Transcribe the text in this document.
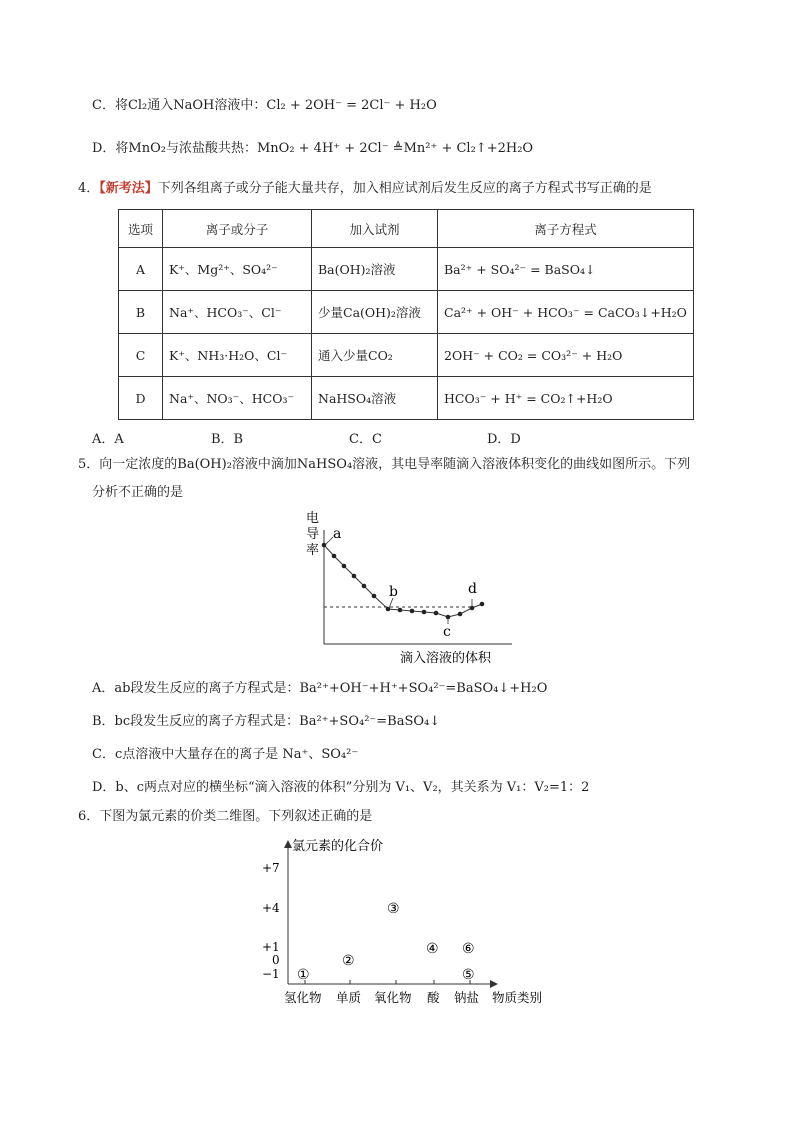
C．将Cl₂通入NaOH溶液中：Cl₂ + 2OH⁻ = 2Cl⁻ + H₂O
D．将MnO₂与浓盐酸共热：MnO₂ + 4H⁺ + 2Cl⁻ ≜Mn²⁺ + Cl₂↑+2H₂O
4．【新考法】下列各组离子或分子能大量共存，加入相应试剂后发生反应的离子方程式书写正确的是
选项	离子或分子	加入试剂	离子方程式
A	K⁺、Mg²⁺、SO₄²⁻	Ba(OH)₂溶液	Ba²⁺ + SO₄²⁻ = BaSO₄↓
B	Na⁺、HCO₃⁻、Cl⁻	少量Ca(OH)₂溶液	Ca²⁺ + OH⁻ + HCO₃⁻ = CaCO₃↓+H₂O
C	K⁺、NH₃·H₂O、Cl⁻	通入少量CO₂	2OH⁻ + CO₂ = CO₃²⁻ + H₂O
D	Na⁺、NO₃⁻、HCO₃⁻	NaHSO₄溶液	HCO₃⁻ + H⁺ = CO₂↑+H₂O
A．A	B．B	C．C	D．D
5．向一定浓度的Ba(OH)₂溶液中滴加NaHSO₄溶液，其电导率随滴入溶液体积变化的曲线如图所示。下列
分析不正确的是
电
导
率
滴入溶液的体积
a
b
c
d
A．ab段发生反应的离子方程式是：Ba²⁺+OH⁻+H⁺+SO₄²⁻=BaSO₄↓+H₂O
B．bc段发生反应的离子方程式是：Ba²⁺+SO₄²⁻=BaSO₄↓
C．c点溶液中大量存在的离子是 Na⁺、SO₄²⁻
D．b、c两点对应的横坐标“滴入溶液的体积”分别为 V₁、V₂，其关系为 V₁：V₂=1：2
6．下图为氯元素的价类二维图。下列叙述正确的是
氯元素的化合价
+7
+4
+1
0
−1
氢化物 单质 氧化物 酸 钠盐 物质类别
①
②
③
④ ⑥
⑤
